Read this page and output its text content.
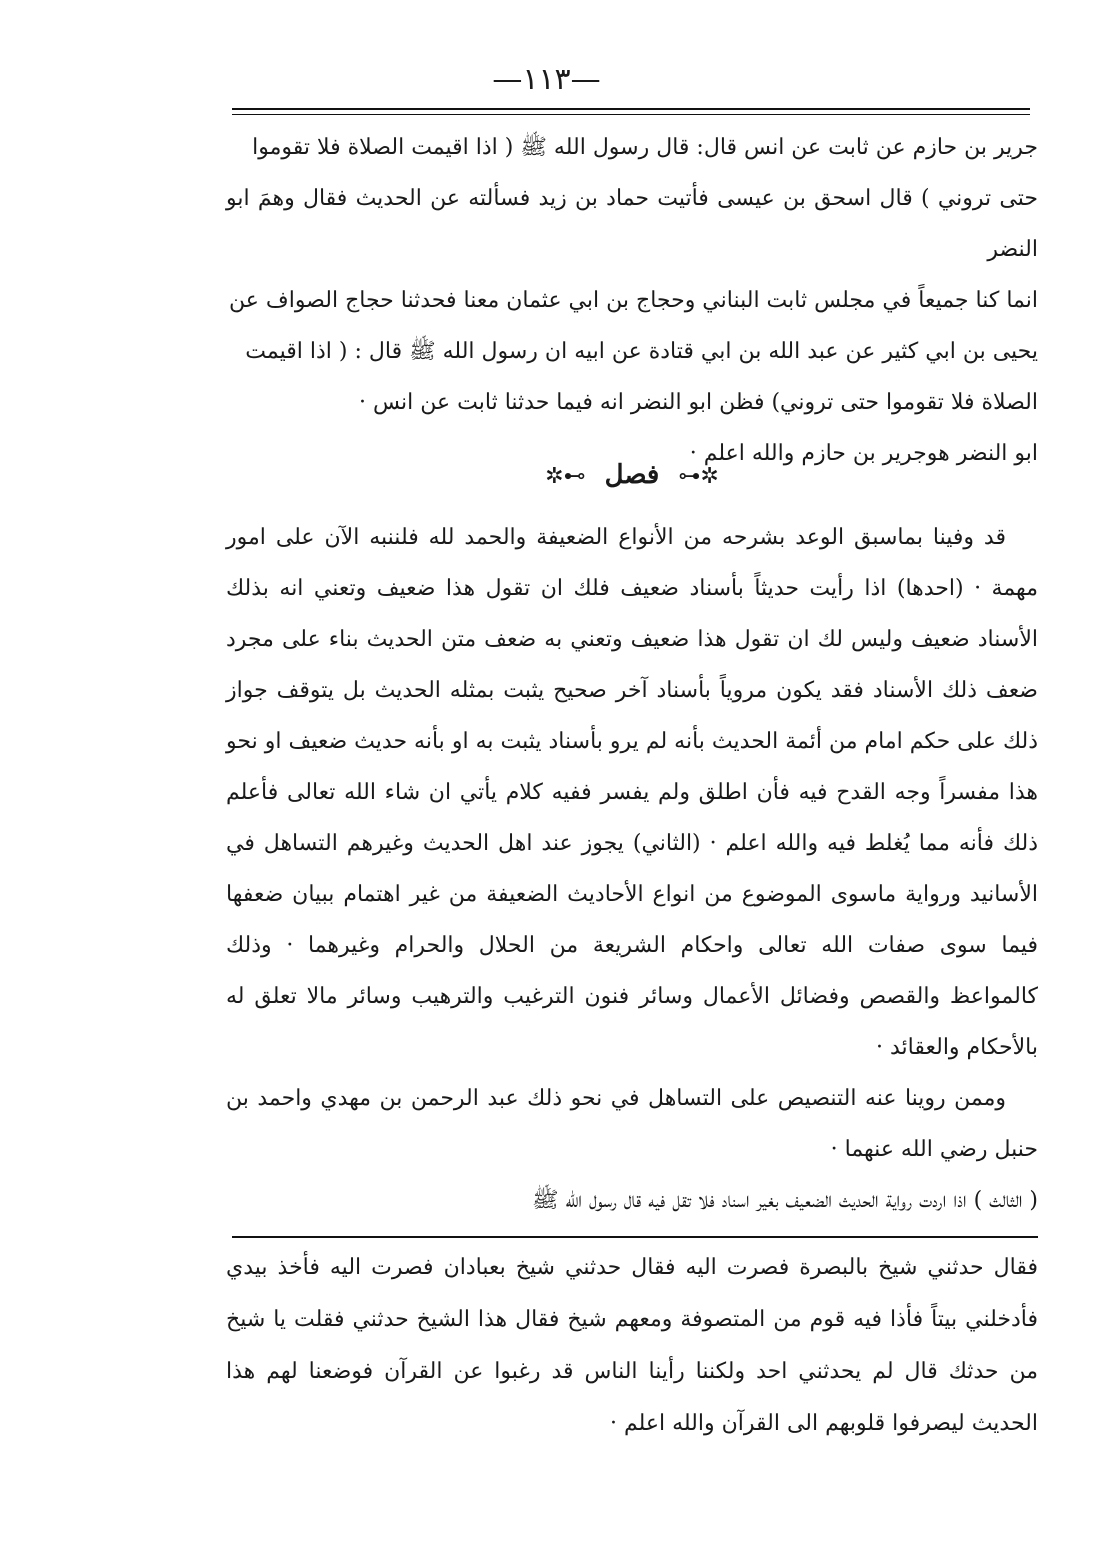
—١١٣—

جرير بن حازم عن ثابت عن انس قال: قال رسول الله ﷺ ( اذا اقيمت الصلاة فلا تقوموا

حتى تروني ) قال اسحق بن عيسى فأتيت حماد بن زيد فسألته عن الحديث فقال وهمَ ابو النضر

انما كنا جميعاً في مجلس ثابت البناني وحجاج بن ابي عثمان معنا فحدثنا حجاج الصواف عن

يحيى بن ابي كثير عن عبد الله بن ابي قتادة عن ابيه ان رسول الله ﷺ قال : ( اذا اقيمت

الصلاة فلا تقوموا حتى تروني) فظن ابو النضر انه فيما حدثنا ثابت عن انس ·

ابو النضر هوجرير بن حازم والله اعلم ·

✲⊷ فصل ⊶✲

قد وفينا بماسبق الوعد بشرحه من الأنواع الضعيفة والحمد لله فلننبه الآن على امور مهمة · (احدها) اذا رأيت حديثاً بأسناد ضعيف فلك ان تقول هذا ضعيف وتعني انه بذلك الأسناد ضعيف وليس لك ان تقول هذا ضعيف وتعني به ضعف متن الحديث بناء على مجرد ضعف ذلك الأسناد فقد يكون مروياً بأسناد آخر صحيح يثبت بمثله الحديث بل يتوقف جواز ذلك على حكم امام من أئمة الحديث بأنه لم يرو بأسناد يثبت به او بأنه حديث ضعيف او نحو هذا مفسراً وجه القدح فيه فأن اطلق ولم يفسر ففيه كلام يأتي ان شاء الله تعالى فأعلم ذلك فأنه مما يُغلط فيه والله اعلم · (الثاني) يجوز عند اهل الحديث وغيرهم التساهل في الأسانيد ورواية ماسوى الموضوع من انواع الأحاديث الضعيفة من غير اهتمام ببيان ضعفها فيما سوى صفات الله تعالى واحكام الشريعة من الحلال والحرام وغيرهما · وذلك كالمواعظ والقصص وفضائل الأعمال وسائر فنون الترغيب والترهيب وسائر مالا تعلق له بالأحكام والعقائد ·

وممن روينا عنه التنصيص على التساهل في نحو ذلك عبد الرحمن بن مهدي واحمد بن حنبل رضي الله عنهما ·

( الثالث ) اذا اردت رواية الحديث الضعيف بغير اسناد فلا تقل فيه قال رسول الله ﷺ

فقال حدثني شيخ بالبصرة فصرت اليه فقال حدثني شيخ بعبادان فصرت اليه فأخذ بيدي فأدخلني بيتاً فأذا فيه قوم من المتصوفة ومعهم شيخ فقال هذا الشيخ حدثني فقلت يا شيخ من حدثك قال لم يحدثني احد ولكننا رأينا الناس قد رغبوا عن القرآن فوضعنا لهم هذا الحديث ليصرفوا قلوبهم الى القرآن والله اعلم ·
